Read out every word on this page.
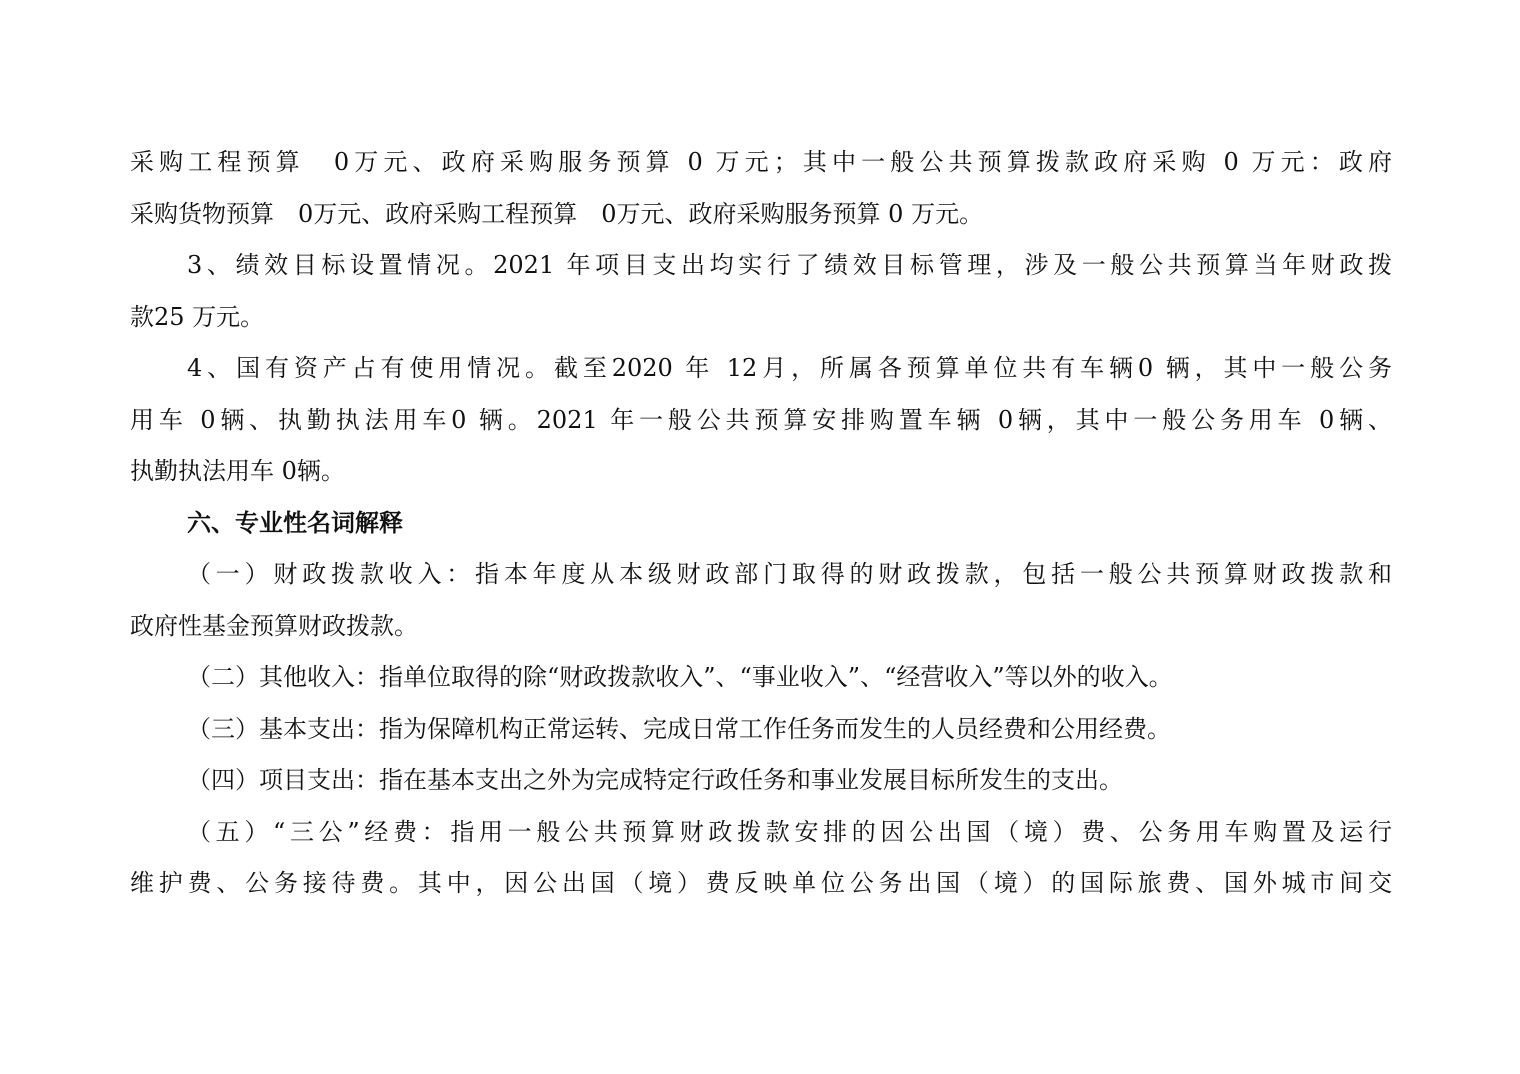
采购工程预算　0万元、政府采购服务预算 0 万元；其中一般公共预算拨款政府采购 0 万元：政府

采购货物预算　0万元、政府采购工程预算　0万元、政府采购服务预算 0 万元。

3、绩效目标设置情况。2021 年项目支出均实行了绩效目标管理，涉及一般公共预算当年财政拨

款25 万元。

4、国有资产占有使用情况。截至2020 年 12月，所属各预算单位共有车辆0 辆，其中一般公务

用车 0辆、执勤执法用车0 辆。2021 年一般公共预算安排购置车辆 0辆，其中一般公务用车 0辆、

执勤执法用车 0辆。

六、专业性名词解释

（一）财政拨款收入：指本年度从本级财政部门取得的财政拨款，包括一般公共预算财政拨款和

政府性基金预算财政拨款。

（二）其他收入：指单位取得的除“财政拨款收入”、“事业收入”、“经营收入”等以外的收入。

（三）基本支出：指为保障机构正常运转、完成日常工作任务而发生的人员经费和公用经费。

（四）项目支出：指在基本支出之外为完成特定行政任务和事业发展目标所发生的支出。

（五）“三公”经费：指用一般公共预算财政拨款安排的因公出国（境）费、公务用车购置及运行

维护费、公务接待费。其中，因公出国（境）费反映单位公务出国（境）的国际旅费、国外城市间交
